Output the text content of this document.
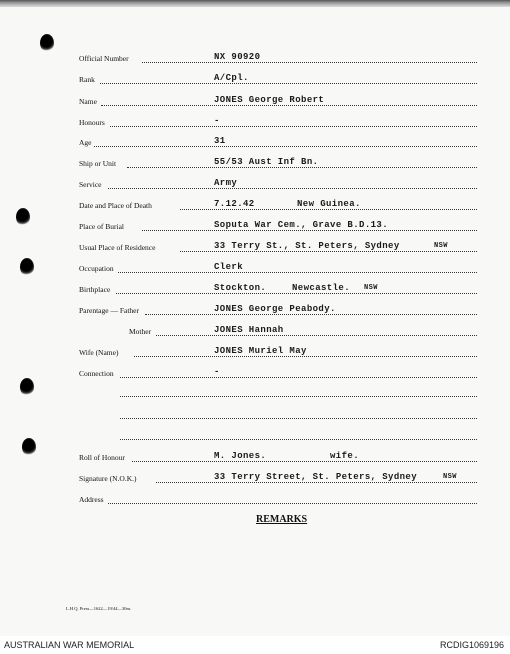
Official Number	NX 90920
Rank	A/Cpl.
Name	JONES George Robert
Honours	-
Age	31
Ship or Unit	55/53 Aust Inf Bn.
Service	Army
Date and Place of Death	7.12.42	New Guinea.
Place of Burial	Soputa War Cem., Grave B.D.13.
Usual Place of Residence	33 Terry St., St. Peters, Sydney	NSW
Occupation	Clerk
Birthplace	Stockton.	Newcastle. NSW
Parentage — Father	JONES George Peabody.
Mother	JONES Hannah
Wife (Name)	JONES Muriel May
Connection	-
Roll of Honour	M. Jones.	wife.
Signature (N.O.K.)	33 Terry Street, St. Peters, Sydney	NSW
Address
REMARKS
L.H.Q. Press—1622—19/44—30m.
AUSTRALIAN WAR MEMORIAL	RCDIG1069196
